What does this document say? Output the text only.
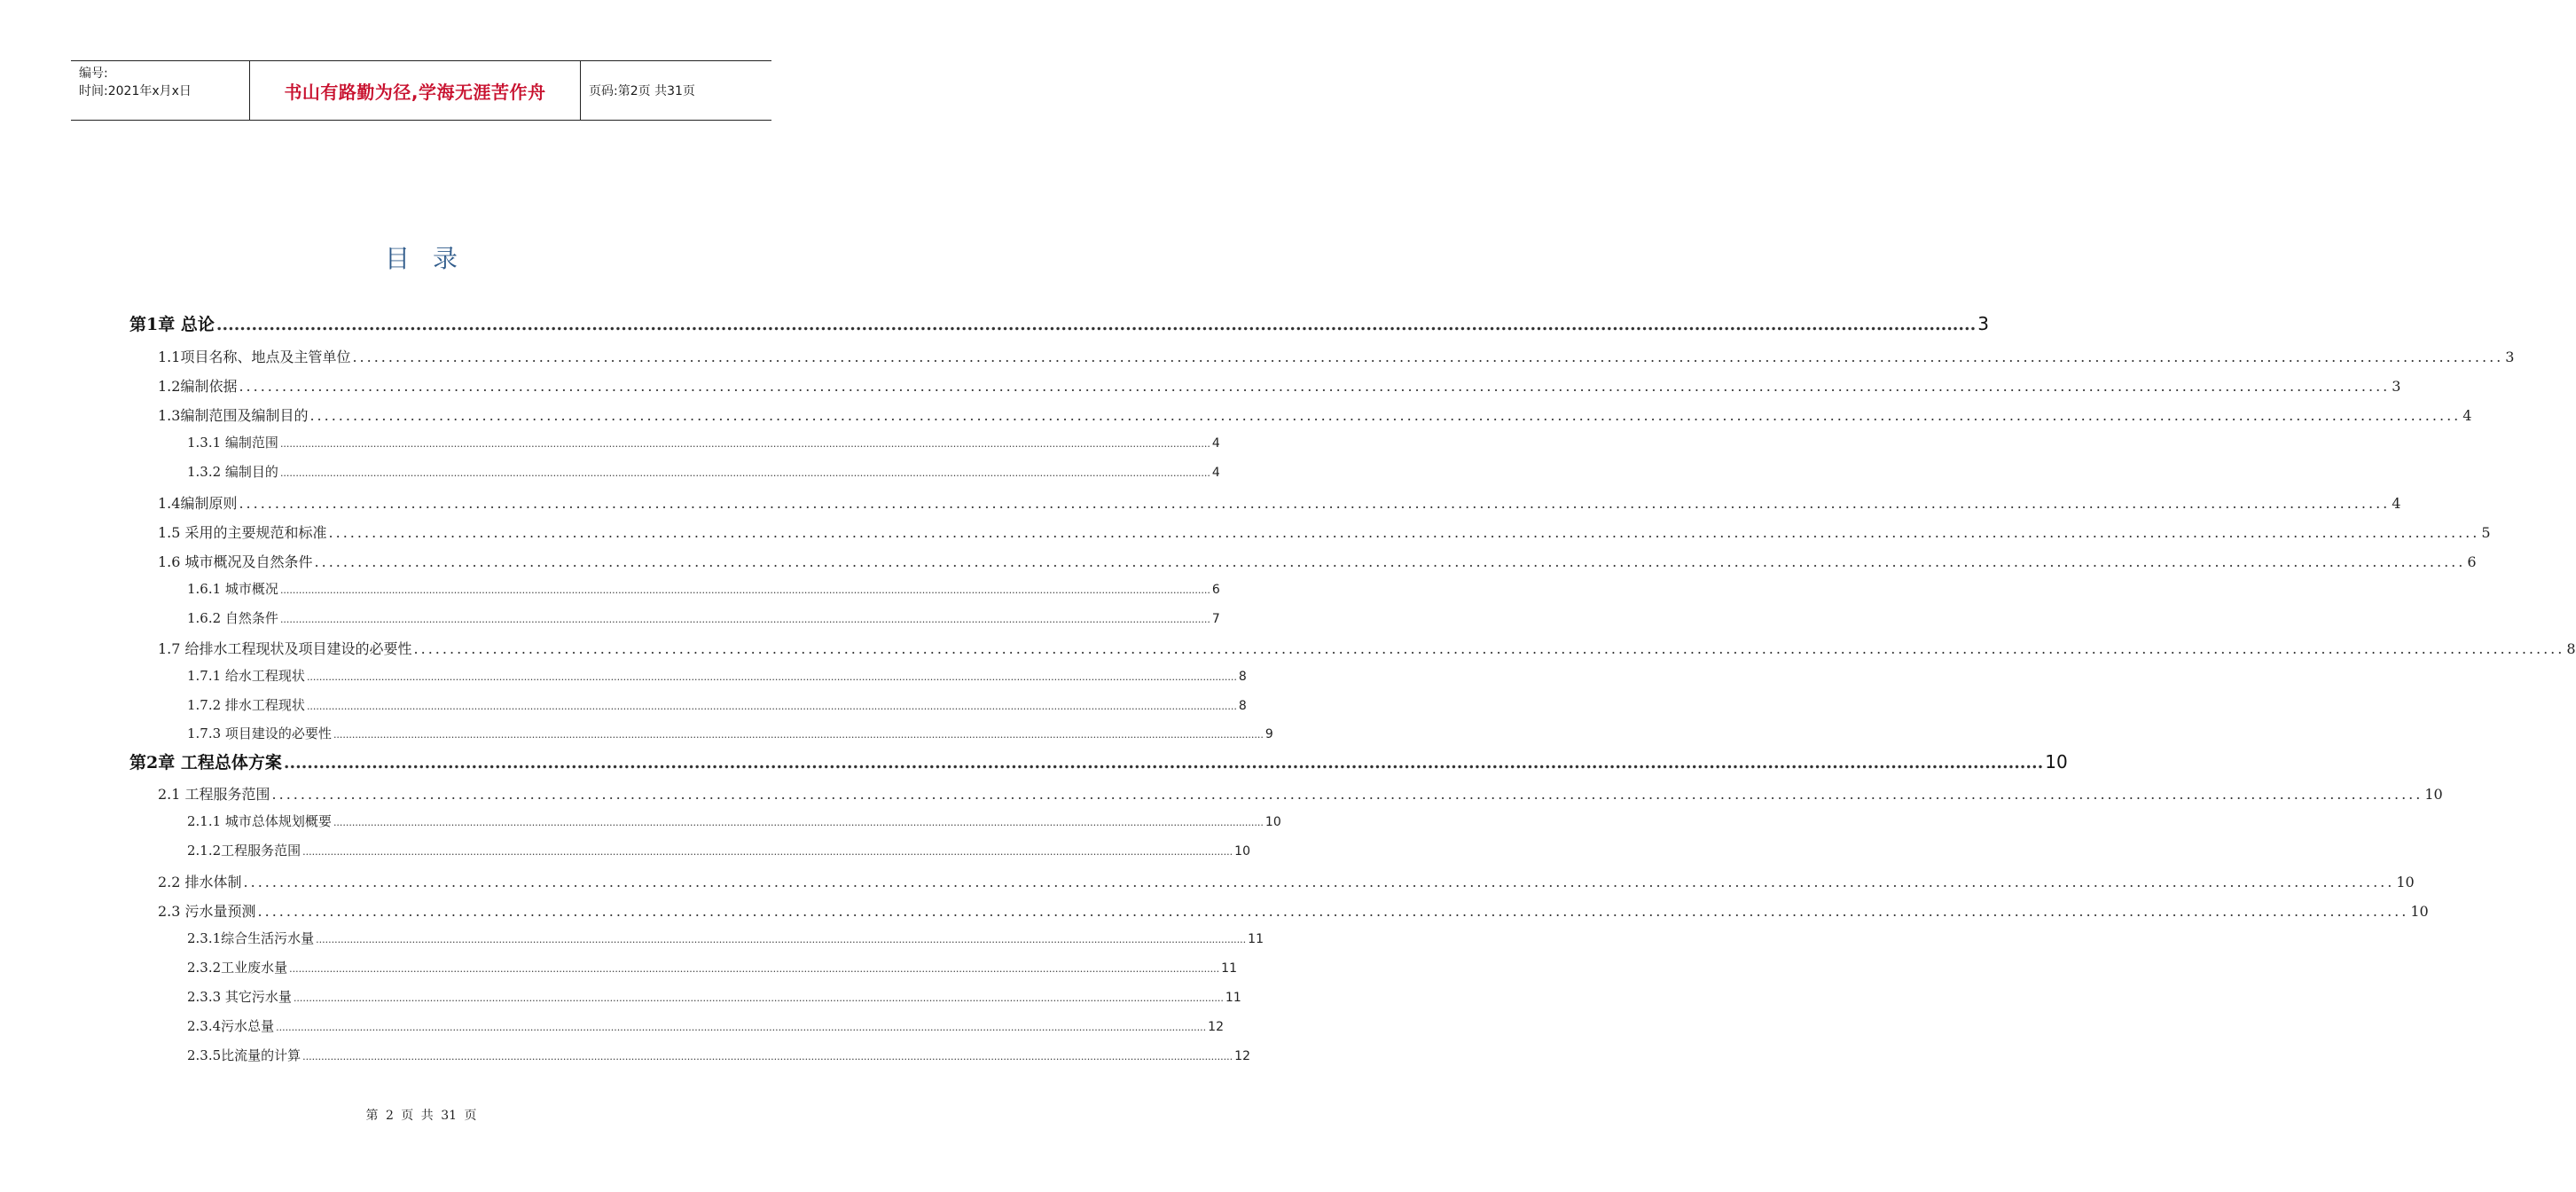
编号:
时间:2021年x月x日	书山有路勤为径,学海无涯苦作舟	页码:第2页 共31页
目录
第1章 总论 ............................................................................................................................................................................................................................................................................................................ 3
1.1项目名称、地点及主管单位 ............................................................................................................................................................................................................................................................................................................ 3
1.2编制依据 ............................................................................................................................................................................................................................................................................................................ 3
1.3编制范围及编制目的 ............................................................................................................................................................................................................................................................................................................ 4
1.3.1 编制范围 ............................................................................................................................................................................................................................................................................................................ 4
1.3.2 编制目的 ............................................................................................................................................................................................................................................................................................................ 4
1.4编制原则 ............................................................................................................................................................................................................................................................................................................ 4
1.5 采用的主要规范和标准 ............................................................................................................................................................................................................................................................................................................ 5
1.6 城市概况及自然条件 ............................................................................................................................................................................................................................................................................................................ 6
1.6.1 城市概况 ............................................................................................................................................................................................................................................................................................................ 6
1.6.2 自然条件 ............................................................................................................................................................................................................................................................................................................ 7
1.7 给排水工程现状及项目建设的必要性 ............................................................................................................................................................................................................................................................................................................ 8
1.7.1 给水工程现状 ............................................................................................................................................................................................................................................................................................................ 8
1.7.2 排水工程现状 ............................................................................................................................................................................................................................................................................................................ 8
1.7.3 项目建设的必要性 ............................................................................................................................................................................................................................................................................................................ 9
第2章 工程总体方案 ............................................................................................................................................................................................................................................................................................................ 10
2.1 工程服务范围 ............................................................................................................................................................................................................................................................................................................ 10
2.1.1 城市总体规划概要 ............................................................................................................................................................................................................................................................................................................ 10
2.1.2工程服务范围 ............................................................................................................................................................................................................................................................................................................ 10
2.2 排水体制 ............................................................................................................................................................................................................................................................................................................ 10
2.3 污水量预测 ............................................................................................................................................................................................................................................................................................................ 10
2.3.1综合生活污水量 ............................................................................................................................................................................................................................................................................................................ 11
2.3.2工业废水量 ............................................................................................................................................................................................................................................................................................................ 11
2.3.3 其它污水量 ............................................................................................................................................................................................................................................................................................................ 11
2.3.4污水总量 ............................................................................................................................................................................................................................................................................................................ 12
2.3.5比流量的计算 ............................................................................................................................................................................................................................................................................................................ 12
第 2 页 共 31 页
